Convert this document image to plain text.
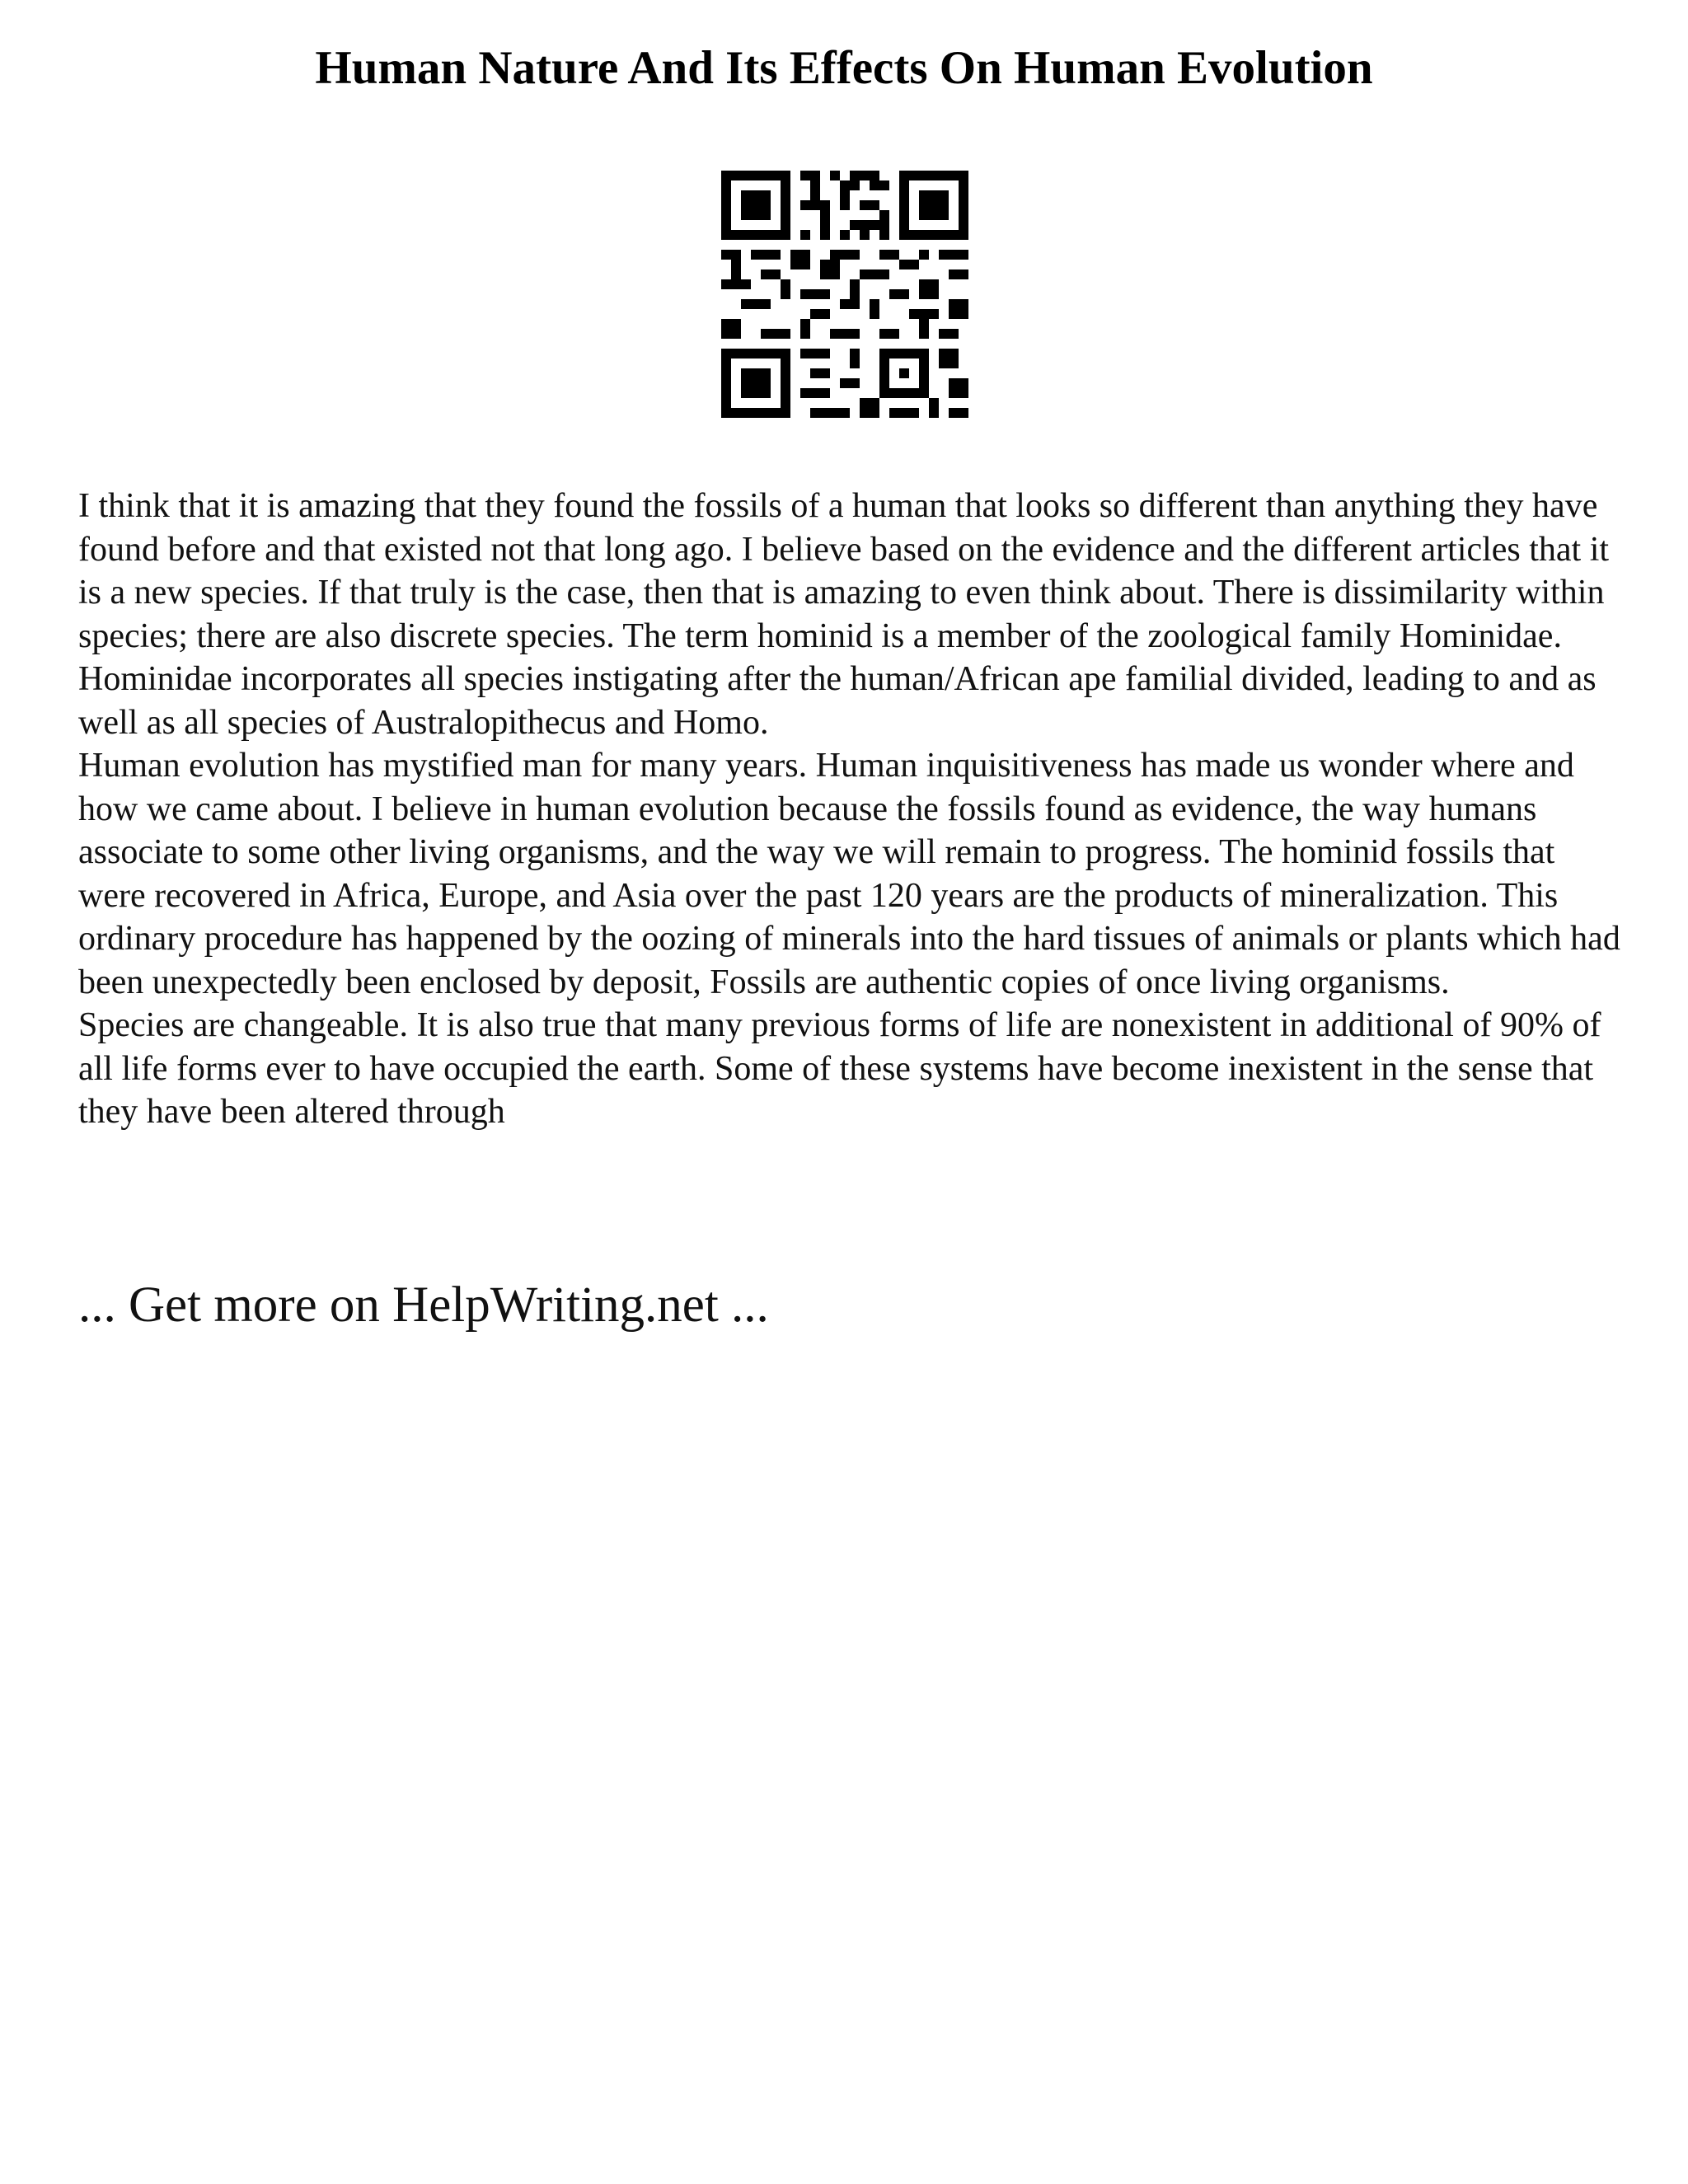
Human Nature And Its Effects On Human Evolution

I think that it is amazing that they found the fossils of a human that looks so different than anything they have found before and that existed not that long ago. I believe based on the evidence and the different articles that it is a new species. If that truly is the case, then that is amazing to even think about. There is dissimilarity within species; there are also discrete species. The term hominid is a member of the zoological family Hominidae. Hominidae incorporates all species instigating after the human/African ape familial divided, leading to and as well as all species of Australopithecus and Homo.

Human evolution has mystified man for many years. Human inquisitiveness has made us wonder where and how we came about. I believe in human evolution because the fossils found as evidence, the way humans associate to some other living organisms, and the way we will remain to progress. The hominid fossils that were recovered in Africa, Europe, and Asia over the past 120 years are the products of mineralization. This ordinary procedure has happened by the oozing of minerals into the hard tissues of animals or plants which had been unexpectedly been enclosed by deposit, Fossils are authentic copies of once living organisms.

Species are changeable. It is also true that many previous forms of life are nonexistent in additional of 90% of all life forms ever to have occupied the earth. Some of these systems have become inexistent in the sense that they have been altered through

... Get more on HelpWriting.net ...
